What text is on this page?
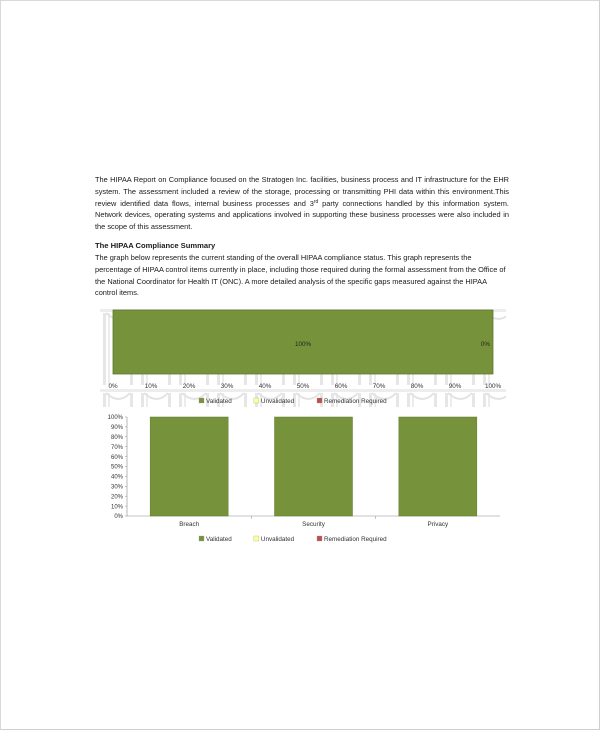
The HIPAA Report on Compliance focused on the Stratogen Inc. facilities, business process and IT infrastructure for the EHR system. The assessment included a review of the storage, processing or transmitting PHI data within this environment.This review identified data flows, internal business processes and 3rd party connections handled by this information system. Network devices, operating systems and applications involved in supporting these business processes were also included in the scope of this assessment.
The HIPAA Compliance Summary
The graph below represents the current standing of the overall HIPAA compliance status. This graph represents the percentage of HIPAA control items currently in place, including those required during the formal assessment from the Office of the National Coordinator for Health IT (ONC). A more detailed analysis of the specific gaps measured against the HIPAA control items.
100%	0%
0%	10%	20%	30%	40%	50%	60%	70%	80%	90%	100%
Validated	Unvalidated	Remediation Required
0%
10%
20%
30%
40%
50%
60%
70%
80%
90%
100%
Breach	Security	Privacy
Validated	Unvalidated	Remediation Required
